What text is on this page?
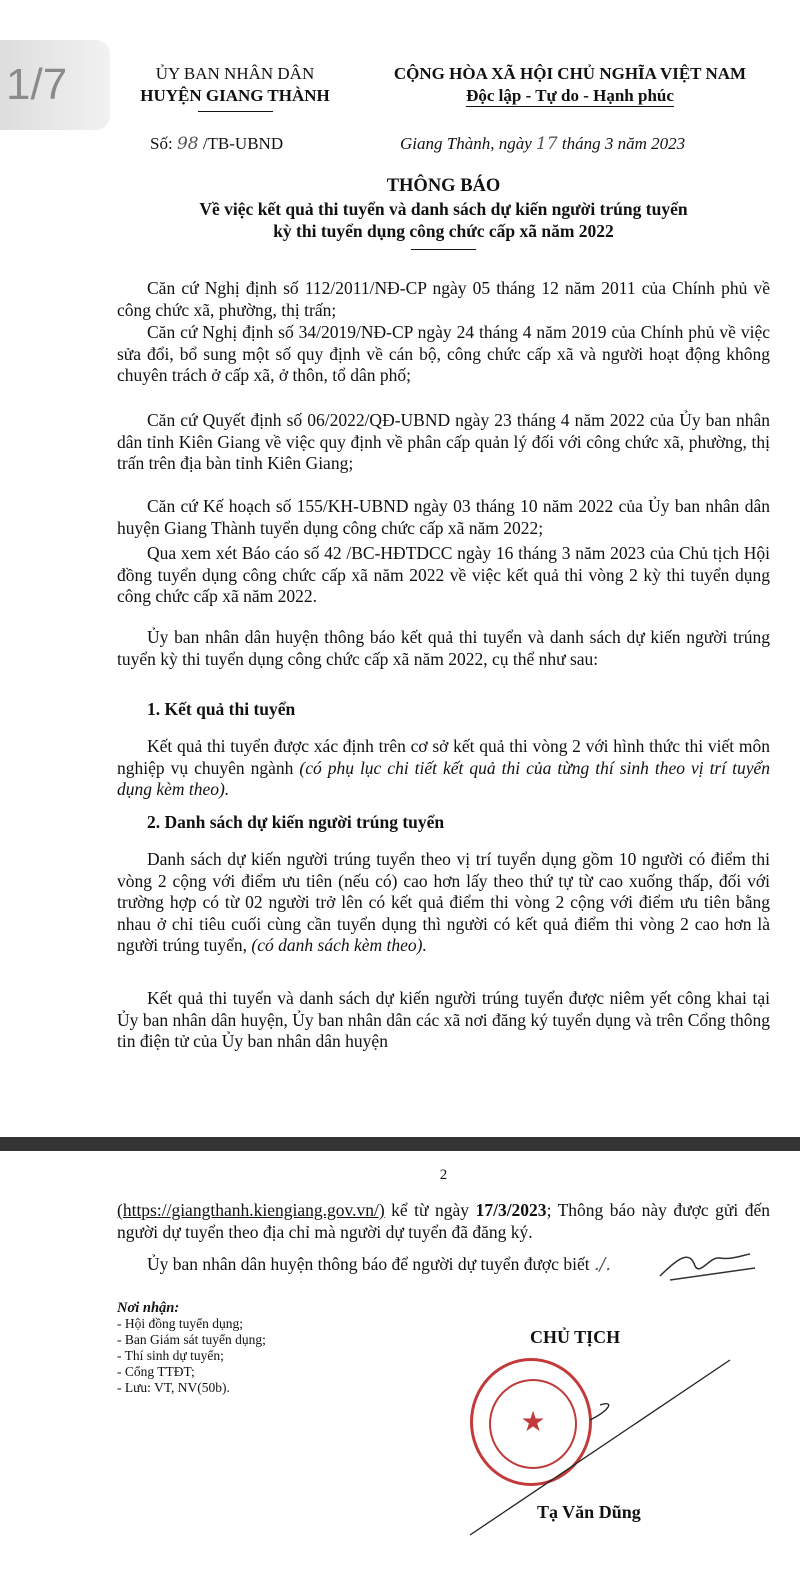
1/7	ỦY BAN NHÂN DÂN
HUYỆN GIANG THÀNH
CỘNG HÒA XÃ HỘI CHỦ NGHĨA VIỆT NAM
Độc lập - Tự do - Hạnh phúc
Số: 98 /TB-UBND	Giang Thành, ngày 17 tháng 3 năm 2023
THÔNG BÁO
Về việc kết quả thi tuyển và danh sách dự kiến người trúng tuyển
kỳ thi tuyển dụng công chức cấp xã năm 2022
Căn cứ Nghị định số 112/2011/NĐ-CP ngày 05 tháng 12 năm 2011 của Chính phủ về công chức xã, phường, thị trấn;
Căn cứ Nghị định số 34/2019/NĐ-CP ngày 24 tháng 4 năm 2019 của Chính phủ về việc sửa đổi, bổ sung một số quy định về cán bộ, công chức cấp xã và người hoạt động không chuyên trách ở cấp xã, ở thôn, tổ dân phố;
Căn cứ Quyết định số 06/2022/QĐ-UBND ngày 23 tháng 4 năm 2022 của Ủy ban nhân dân tỉnh Kiên Giang về việc quy định về phân cấp quản lý đối với công chức xã, phường, thị trấn trên địa bàn tỉnh Kiên Giang;
Căn cứ Kế hoạch số 155/KH-UBND ngày 03 tháng 10 năm 2022 của Ủy ban nhân dân huyện Giang Thành tuyển dụng công chức cấp xã năm 2022;
Qua xem xét Báo cáo số 42 /BC-HĐTDCC ngày 16 tháng 3 năm 2023 của Chủ tịch Hội đồng tuyển dụng công chức cấp xã năm 2022 về việc kết quả thi vòng 2 kỳ thi tuyển dụng công chức cấp xã năm 2022.
Ủy ban nhân dân huyện thông báo kết quả thi tuyển và danh sách dự kiến người trúng tuyển kỳ thi tuyển dụng công chức cấp xã năm 2022, cụ thể như sau:
1. Kết quả thi tuyển
Kết quả thi tuyển được xác định trên cơ sở kết quả thi vòng 2 với hình thức thi viết môn nghiệp vụ chuyên ngành (có phụ lục chi tiết kết quả thi của từng thí sinh theo vị trí tuyển dụng kèm theo).
2. Danh sách dự kiến người trúng tuyển
Danh sách dự kiến người trúng tuyển theo vị trí tuyển dụng gồm 10 người có điểm thi vòng 2 cộng với điểm ưu tiên (nếu có) cao hơn lấy theo thứ tự từ cao xuống thấp, đối với trường hợp có từ 02 người trở lên có kết quả điểm thi vòng 2 cộng với điểm ưu tiên bằng nhau ở chỉ tiêu cuối cùng cần tuyển dụng thì người có kết quả điểm thi vòng 2 cao hơn là người trúng tuyển, (có danh sách kèm theo).
Kết quả thi tuyển và danh sách dự kiến người trúng tuyển được niêm yết công khai tại Ủy ban nhân dân huyện, Ủy ban nhân dân các xã nơi đăng ký tuyển dụng và trên Cổng thông tin điện tử của Ủy ban nhân dân huyện
2
(https://giangthanh.kiengiang.gov.vn/) kể từ ngày 17/3/2023; Thông báo này được gửi đến người dự tuyển theo địa chỉ mà người dự tuyển đã đăng ký.
Ủy ban nhân dân huyện thông báo để người dự tuyển được biết ./.
Nơi nhận:
- Hội đồng tuyển dụng;
- Ban Giám sát tuyển dụng;
- Thí sinh dự tuyển;
- Cổng TTĐT;
- Lưu: VT, NV(50b).
CHỦ TỊCH
★
Tạ Văn Dũng
